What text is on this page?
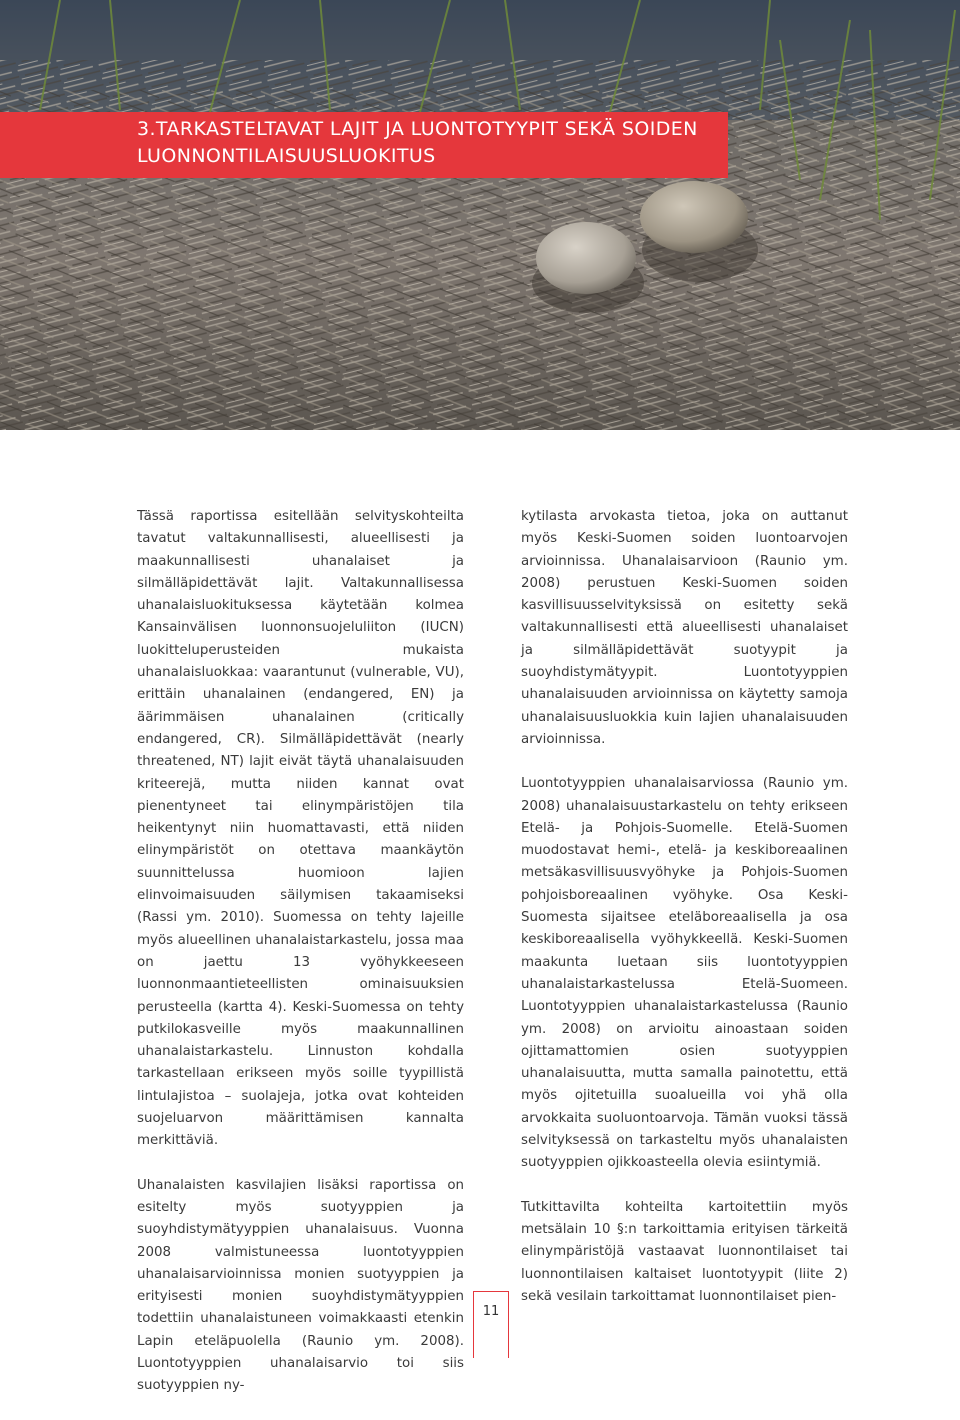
3.TARKASTELTAVAT LAJIT JA LUONTOTYYPIT SEKÄ SOIDEN LUONNONTILAISUUSLUOKITUS

Tässä raportissa esitellään selvityskohteilta tavatut valtakunnallisesti, alueellisesti ja maakunnallisesti uhanalaiset ja silmälläpidettävät lajit. Valtakunnallisessa uhanalaisluokituksessa käytetään kolmea Kansainvälisen luonnonsuojeluliiton (IUCN) luokitteluperusteiden mukaista uhanalaisluokkaa: vaarantunut (vulnerable, VU), erittäin uhanalainen (endangered, EN) ja äärimmäisen uhanalainen (critically endangered, CR). Silmälläpidettävät (nearly threatened, NT) lajit eivät täytä uhanalaisuuden kriteerejä, mutta niiden kannat ovat pienentyneet tai elinympäristöjen tila heikentynyt niin huomattavasti, että niiden elinympäristöt on otettava maankäytön suunnittelussa huomioon lajien elinvoimaisuuden säilymisen takaamiseksi (Rassi ym. 2010). Suomessa on tehty lajeille myös alueellinen uhanalaistarkastelu, jossa maa on jaettu 13 vyöhykkeeseen luonnonmaantieteellisten ominaisuuksien perusteella (kartta 4). Keski-Suomessa on tehty putkilokasveille myös maakunnallinen uhanalaistarkastelu. Linnuston kohdalla tarkastellaan erikseen myös soille tyypillistä lintulajistoa – suolajeja, jotka ovat kohteiden suojeluarvon määrittämisen kannalta merkittäviä.

Uhanalaisten kasvilajien lisäksi raportissa on esitelty myös suotyyppien ja suoyhdistymätyyppien uhanalaisuus. Vuonna 2008 valmistuneessa luontotyyppien uhanalaisarvioinnissa monien suotyyppien ja erityisesti monien suoyhdistymätyyppien todettiin uhanalaistuneen voimakkaasti etenkin Lapin eteläpuolella (Raunio ym. 2008). Luontotyyppien uhanalaisarvio toi siis suotyyppien ny-

kytilasta arvokasta tietoa, joka on auttanut myös Keski-Suomen soiden luontoarvojen arvioinnissa. Uhanalaisarvioon (Raunio ym. 2008) perustuen Keski-Suomen soiden kasvillisuusselvityksissä on esitetty sekä valtakunnallisesti että alueellisesti uhanalaiset ja silmälläpidettävät suotyypit ja suoyhdistymätyypit. Luontotyyppien uhanalaisuuden arvioinnissa on käytetty samoja uhanalaisuusluokkia kuin lajien uhanalaisuuden arvioinnissa.

Luontotyyppien uhanalaisarviossa (Raunio ym. 2008) uhanalaisuustarkastelu on tehty erikseen Etelä- ja Pohjois-Suomelle. Etelä-Suomen muodostavat hemi-, etelä- ja keskiboreaalinen metsäkasvillisuusvyöhyke ja Pohjois-Suomen pohjoisboreaalinen vyöhyke. Osa Keski-Suomesta sijaitsee eteläboreaalisella ja osa keskiboreaalisella vyöhykkeellä. Keski-Suomen maakunta luetaan siis luontotyyppien uhanalaistarkastelussa Etelä-Suomeen. Luontotyyppien uhanalaistarkastelussa (Raunio ym. 2008) on arvioitu ainoastaan soiden ojittamattomien osien suotyyppien uhanalaisuutta, mutta samalla painotettu, että myös ojitetuilla suoalueilla voi yhä olla arvokkaita suoluontoarvoja. Tämän vuoksi tässä selvityksessä on tarkasteltu myös uhanalaisten suotyyppien ojikkoasteella olevia esiintymiä.

Tutkittavilta kohteilta kartoitettiin myös metsälain 10 §:n tarkoittamia erityisen tärkeitä elinympäristöjä vastaavat luonnontilaiset tai luonnontilaisen kaltaiset luontotyypit (liite 2) sekä vesilain tarkoittamat luonnontilaiset pien-

11
